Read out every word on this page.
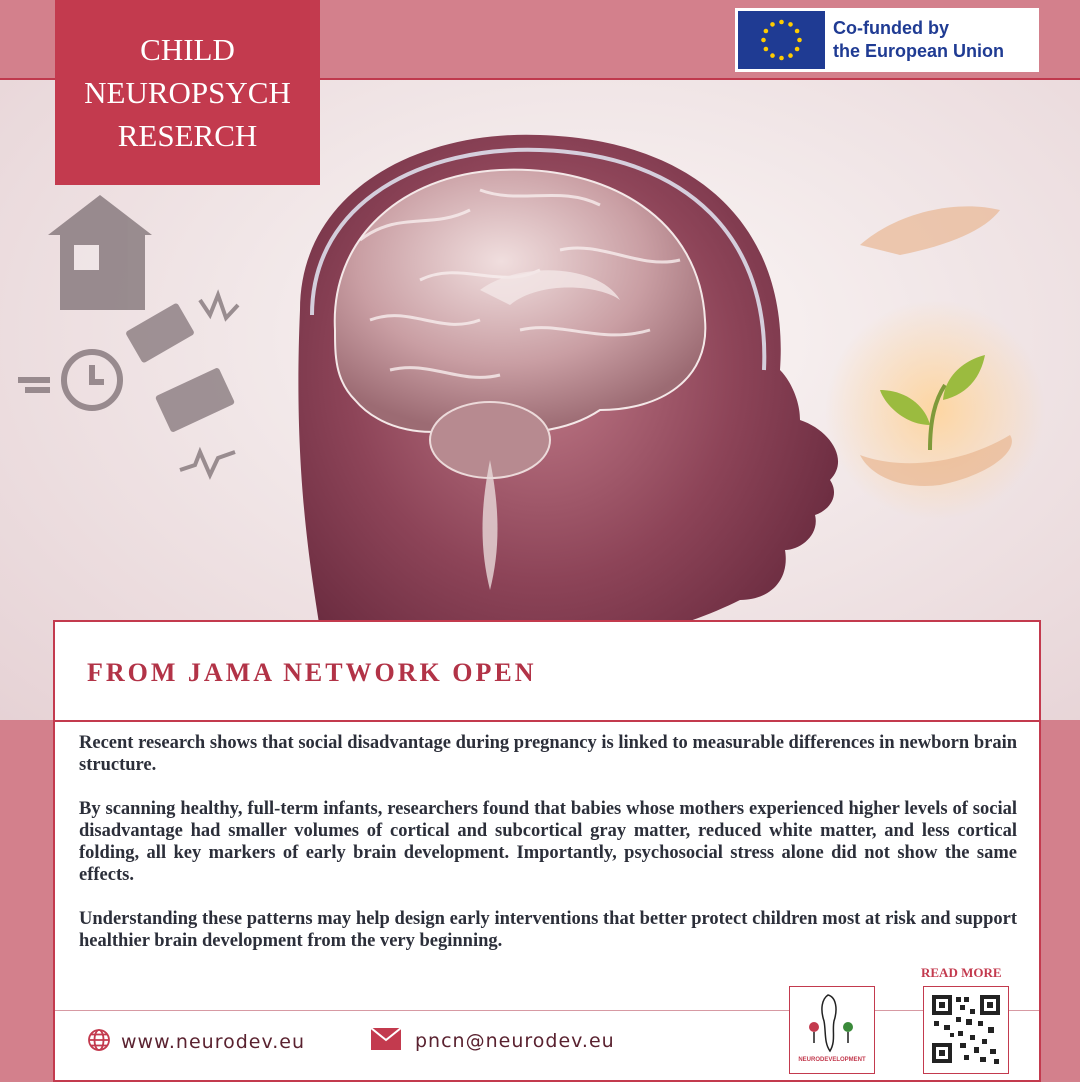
CHILD
NEUROPSYCH
RESERCH
Co-funded by
the European Union
FROM JAMA NETWORK OPEN

Recent research shows that social disadvantage during pregnancy is linked to measurable differences in newborn brain structure.

By scanning healthy, full-term infants, researchers found that babies whose mothers experienced higher levels of social disadvantage had smaller volumes of cortical and subcortical gray matter, reduced white matter, and less cortical folding, all key markers of early brain development. Importantly, psychosocial stress alone did not show the same effects.

Understanding these patterns may help design early interventions that better protect children most at risk and support healthier brain development from the very beginning.

READ MORE
NEURODEVELOPMENT
www.neurodev.eu	pncn@neurodev.eu
